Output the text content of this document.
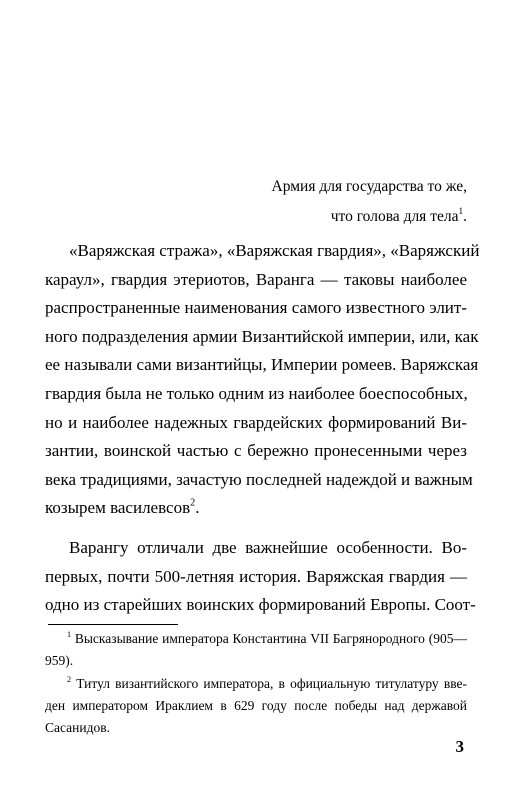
Армия для государства то же,
что голова для тела$^1$.

«Варяжская стража», «Варяжская гвардия», «Варяжский
караул», гвардия этериотов, Варанга — таковы наиболее
распространенные наименования самого известного элит-
ного подразделения армии Византийской империи, или, как
ее называли сами византийцы, Империи ромеев. Варяжская
гвардия была не только одним из наиболее боеспособных,
но и наиболее надежных гвардейских формирований Ви-
зантии, воинской частью с бережно пронесенными через
века традициями, зачастую последней надеждой и важным
козырем василевсов$^2$.

Варангу отличали две важнейшие особенности. Во-
первых, почти 500-летняя история. Варяжская гвардия —
одно из старейших воинских формирований Европы. Соот-

$^1$ Высказывание императора Константина VII Багрянородного (905—
959).
$^2$ Титул византийского императора, в официальную титулатуру вве-
ден императором Ираклием в 629 году после победы над державой
Сасанидов.
3
